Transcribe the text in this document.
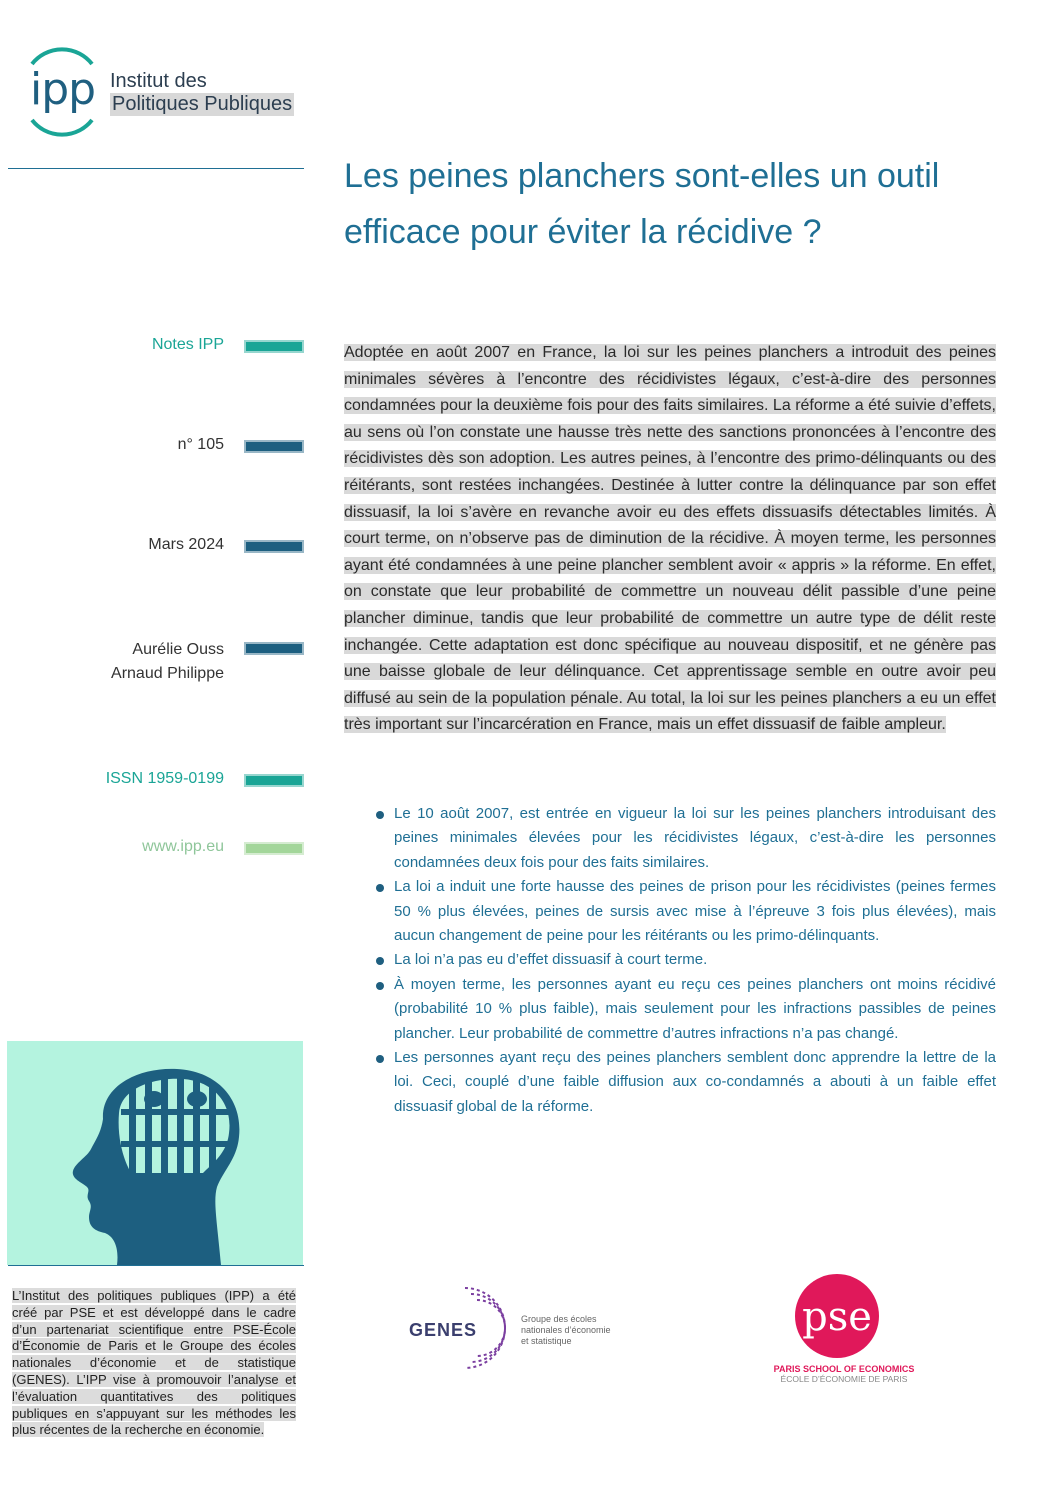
ipp Institut des
Politiques Publiques
Les peines planchers sont-elles un outil efficace pour éviter la récidive ?
Notes IPP
n° 105
Mars 2024
Aurélie Ouss
Arnaud Philippe
ISSN 1959-0199
www.ipp.eu
Adoptée en août 2007 en France, la loi sur les peines planchers a introduit des peines minimales sévères à l’encontre des récidivistes légaux, c’est-à-dire des personnes condamnées pour la deuxième fois pour des faits similaires. La réforme a été suivie d’effets, au sens où l’on constate une hausse très nette des sanctions prononcées à l’encontre des récidivistes dès son adoption. Les autres peines, à l’encontre des primo-délinquants ou des réitérants, sont restées inchangées. Destinée à lutter contre la délinquance par son effet dissuasif, la loi s’avère en revanche avoir eu des effets dissuasifs détectables limités. À court terme, on n’observe pas de diminution de la récidive. À moyen terme, les personnes ayant été condamnées à une peine plancher semblent avoir « appris » la réforme. En effet, on constate que leur probabilité de commettre un nouveau délit passible d’une peine plancher diminue, tandis que leur probabilité de commettre un autre type de délit reste inchangée. Cette adaptation est donc spécifique au nouveau dispositif, et ne génère pas une baisse globale de leur délinquance. Cet apprentissage semble en outre avoir peu diffusé au sein de la population pénale. Au total, la loi sur les peines planchers a eu un effet très important sur l’incarcération en France, mais un effet dissuasif de faible ampleur.
Le 10 août 2007, est entrée en vigueur la loi sur les peines planchers introduisant des peines minimales élevées pour les récidivistes légaux, c’est-à-dire les personnes condamnées deux fois pour des faits similaires.
La loi a induit une forte hausse des peines de prison pour les récidivistes (peines fermes 50 % plus élevées, peines de sursis avec mise à l’épreuve 3 fois plus élevées), mais aucun changement de peine pour les réitérants ou les primo-délinquants.
La loi n’a pas eu d’effet dissuasif à court terme.
À moyen terme, les personnes ayant eu reçu ces peines planchers ont moins récidivé (probabilité 10 % plus faible), mais seulement pour les infractions passibles de peines plancher. Leur probabilité de commettre d’autres infractions n’a pas changé.
Les personnes ayant reçu des peines planchers semblent donc apprendre la lettre de la loi. Ceci, couplé d’une faible diffusion aux co-condamnés a abouti à un faible effet dissuasif global de la réforme.
L’Institut des politiques publiques (IPP) a été créé par PSE et est développé dans le cadre d’un partenariat scientifique entre PSE-École d’Économie de Paris et le Groupe des écoles nationales d’économie et de statistique (GENES). L’IPP vise à promouvoir l’analyse et l’évaluation quantitatives des politiques publiques en s’appuyant sur les méthodes les plus récentes de la recherche en économie.
GENES
Groupe des écoles
nationales d’économie
et statistique
pse
PARIS SCHOOL OF ECONOMICS
ÉCOLE D’ÉCONOMIE DE PARIS
